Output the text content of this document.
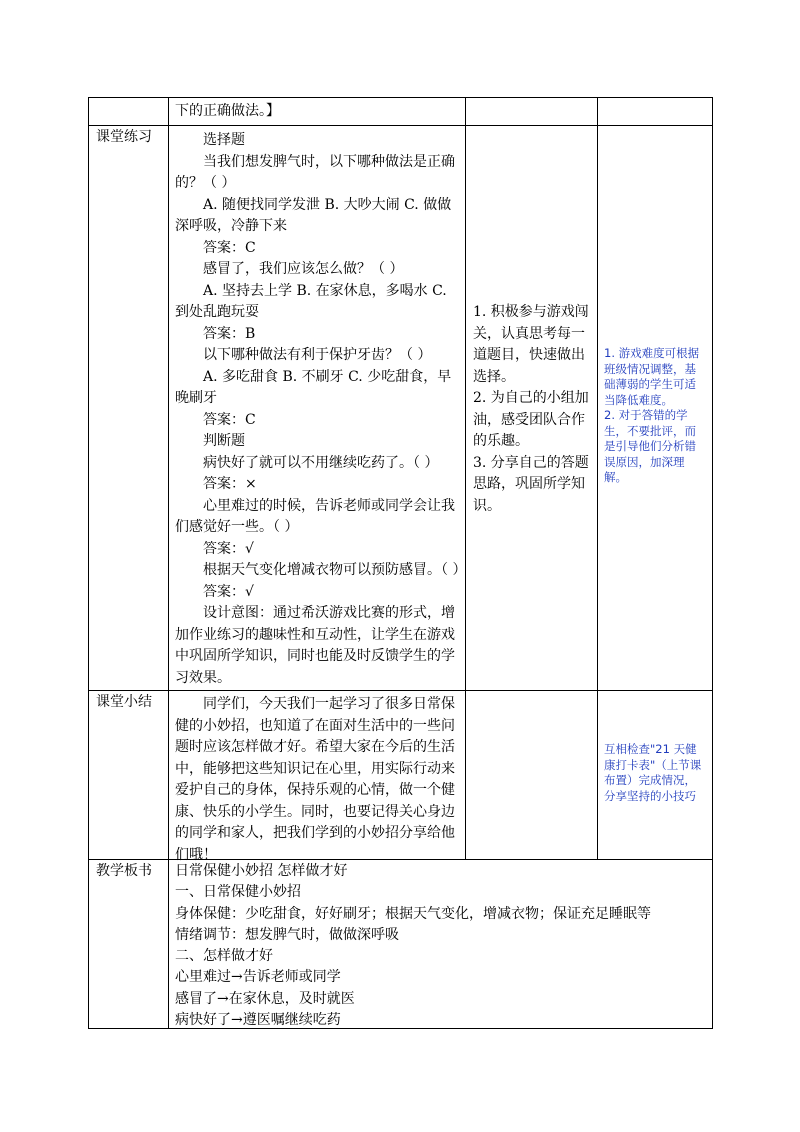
下的正确做法。】

课堂练习	选择题

当我们想发脾气时，以下哪种做法是正确的？（ ）

A. 随便找同学发泄 B. 大吵大闹 C. 做做深呼吸，冷静下来

答案：C

感冒了，我们应该怎么做？（ ）

A. 坚持去上学 B. 在家休息，多喝水 C. 到处乱跑玩耍

答案：B

以下哪种做法有利于保护牙齿？（ ）

A. 多吃甜食 B. 不刷牙 C. 少吃甜食，早晚刷牙

答案：C

判断题

病快好了就可以不用继续吃药了。（ ）

答案：×

心里难过的时候，告诉老师或同学会让我们感觉好一些。（ ）

答案：√

根据天气变化增减衣物可以预防感冒。（ ）

答案：√

设计意图：通过希沃游戏比赛的形式，增加作业练习的趣味性和互动性，让学生在游戏中巩固所学知识，同时也能及时反馈学生的学习效果。

1. 积极参与游戏闯关，认真思考每一道题目，快速做出选择。

2. 为自己的小组加油，感受团队合作的乐趣。

3. 分享自己的答题思路，巩固所学知识。

1. 游戏难度可根据班级情况调整，基础薄弱的学生可适当降低难度。

2. 对于答错的学生，不要批评，而是引导他们分析错误原因，加深理解。

课堂小结	同学们，今天我们一起学习了很多日常保健的小妙招，也知道了在面对生活中的一些问题时应该怎样做才好。希望大家在今后的生活中，能够把这些知识记在心里，用实际行动来爱护自己的身体，保持乐观的心情，做一个健康、快乐的小学生。同时，也要记得关心身边的同学和家人，把我们学到的小妙招分享给他们哦！

互相检查"21 天健康打卡表"（上节课布置）完成情况，分享坚持的小技巧

教学板书 日常保健小妙招 怎样做才好

一、日常保健小妙招

身体保健：少吃甜食，好好刷牙；根据天气变化，增减衣物；保证充足睡眠等

情绪调节：想发脾气时，做做深呼吸

二、怎样做才好

心里难过→告诉老师或同学

感冒了→在家休息，及时就医

病快好了→遵医嘱继续吃药
